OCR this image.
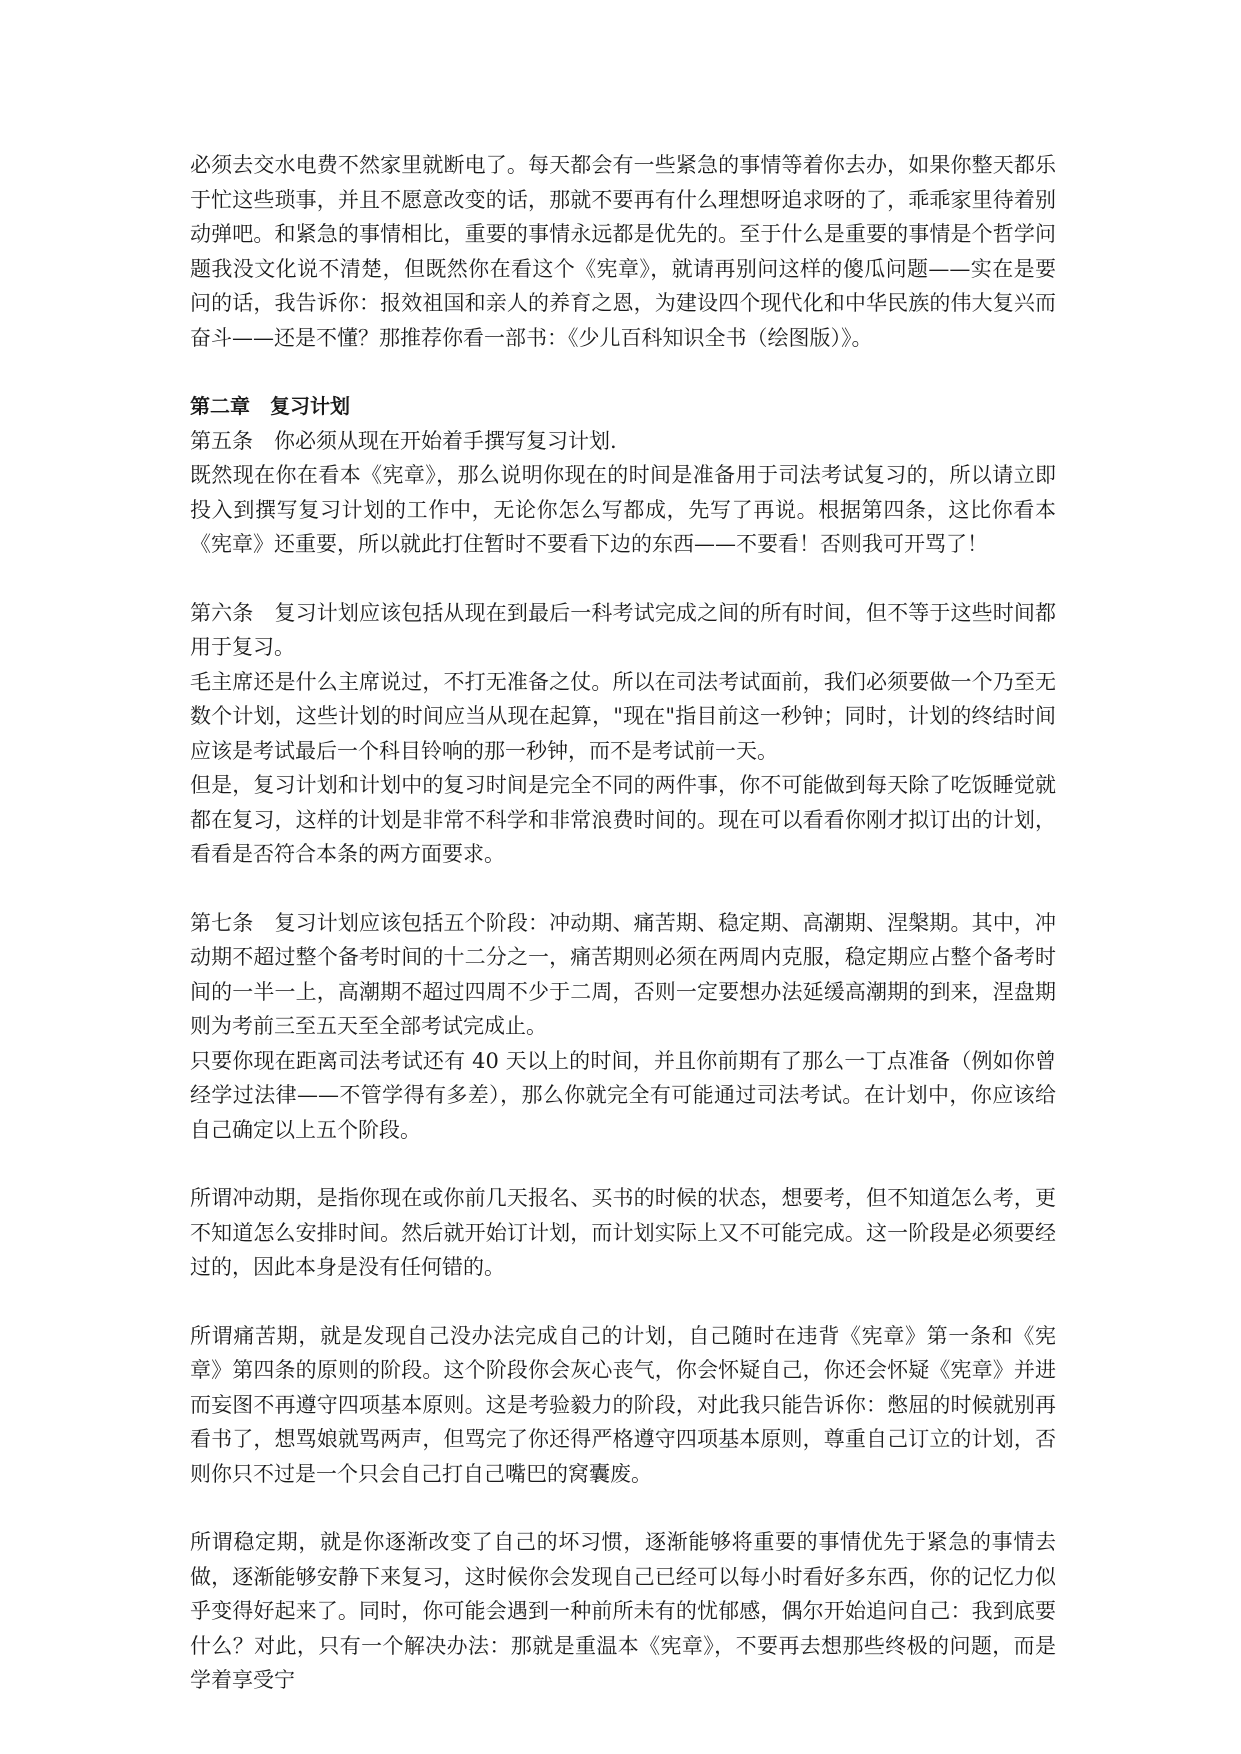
必须去交水电费不然家里就断电了。每天都会有一些紧急的事情等着你去办，如果你整天都乐于忙这些琐事，并且不愿意改变的话，那就不要再有什么理想呀追求呀的了，乖乖家里待着别动弹吧。和紧急的事情相比，重要的事情永远都是优先的。至于什么是重要的事情是个哲学问题我没文化说不清楚，但既然你在看这个《宪章》，就请再别问这样的傻瓜问题——实在是要问的话，我告诉你：报效祖国和亲人的养育之恩，为建设四个现代化和中华民族的伟大复兴而奋斗——还是不懂？那推荐你看一部书：《少儿百科知识全书（绘图版）》。

第二章　复习计划

第五条　你必须从现在开始着手撰写复习计划.

既然现在你在看本《宪章》，那么说明你现在的时间是准备用于司法考试复习的，所以请立即投入到撰写复习计划的工作中，无论你怎么写都成，先写了再说。根据第四条，这比你看本《宪章》还重要，所以就此打住暂时不要看下边的东西——不要看！否则我可开骂了！

第六条　复习计划应该包括从现在到最后一科考试完成之间的所有时间，但不等于这些时间都用于复习。

毛主席还是什么主席说过，不打无准备之仗。所以在司法考试面前，我们必须要做一个乃至无数个计划，这些计划的时间应当从现在起算，"现在"指目前这一秒钟；同时，计划的终结时间应该是考试最后一个科目铃响的那一秒钟，而不是考试前一天。

但是，复习计划和计划中的复习时间是完全不同的两件事，你不可能做到每天除了吃饭睡觉就都在复习，这样的计划是非常不科学和非常浪费时间的。现在可以看看你刚才拟订出的计划，看看是否符合本条的两方面要求。

第七条　复习计划应该包括五个阶段：冲动期、痛苦期、稳定期、高潮期、涅槃期。其中，冲动期不超过整个备考时间的十二分之一，痛苦期则必须在两周内克服，稳定期应占整个备考时间的一半一上，高潮期不超过四周不少于二周，否则一定要想办法延缓高潮期的到来，涅盘期则为考前三至五天至全部考试完成止。

只要你现在距离司法考试还有 40 天以上的时间，并且你前期有了那么一丁点准备（例如你曾经学过法律——不管学得有多差），那么你就完全有可能通过司法考试。在计划中，你应该给自己确定以上五个阶段。

所谓冲动期，是指你现在或你前几天报名、买书的时候的状态，想要考，但不知道怎么考，更不知道怎么安排时间。然后就开始订计划，而计划实际上又不可能完成。这一阶段是必须要经过的，因此本身是没有任何错的。

所谓痛苦期，就是发现自己没办法完成自己的计划，自己随时在违背《宪章》第一条和《宪章》第四条的原则的阶段。这个阶段你会灰心丧气，你会怀疑自己，你还会怀疑《宪章》并进而妄图不再遵守四项基本原则。这是考验毅力的阶段，对此我只能告诉你：憋屈的时候就别再看书了，想骂娘就骂两声，但骂完了你还得严格遵守四项基本原则，尊重自己订立的计划，否则你只不过是一个只会自己打自己嘴巴的窝囊废。

所谓稳定期，就是你逐渐改变了自己的坏习惯，逐渐能够将重要的事情优先于紧急的事情去做，逐渐能够安静下来复习，这时候你会发现自己已经可以每小时看好多东西，你的记忆力似乎变得好起来了。同时，你可能会遇到一种前所未有的忧郁感，偶尔开始追问自己：我到底要什么？对此，只有一个解决办法：那就是重温本《宪章》，不要再去想那些终极的问题，而是学着享受宁
